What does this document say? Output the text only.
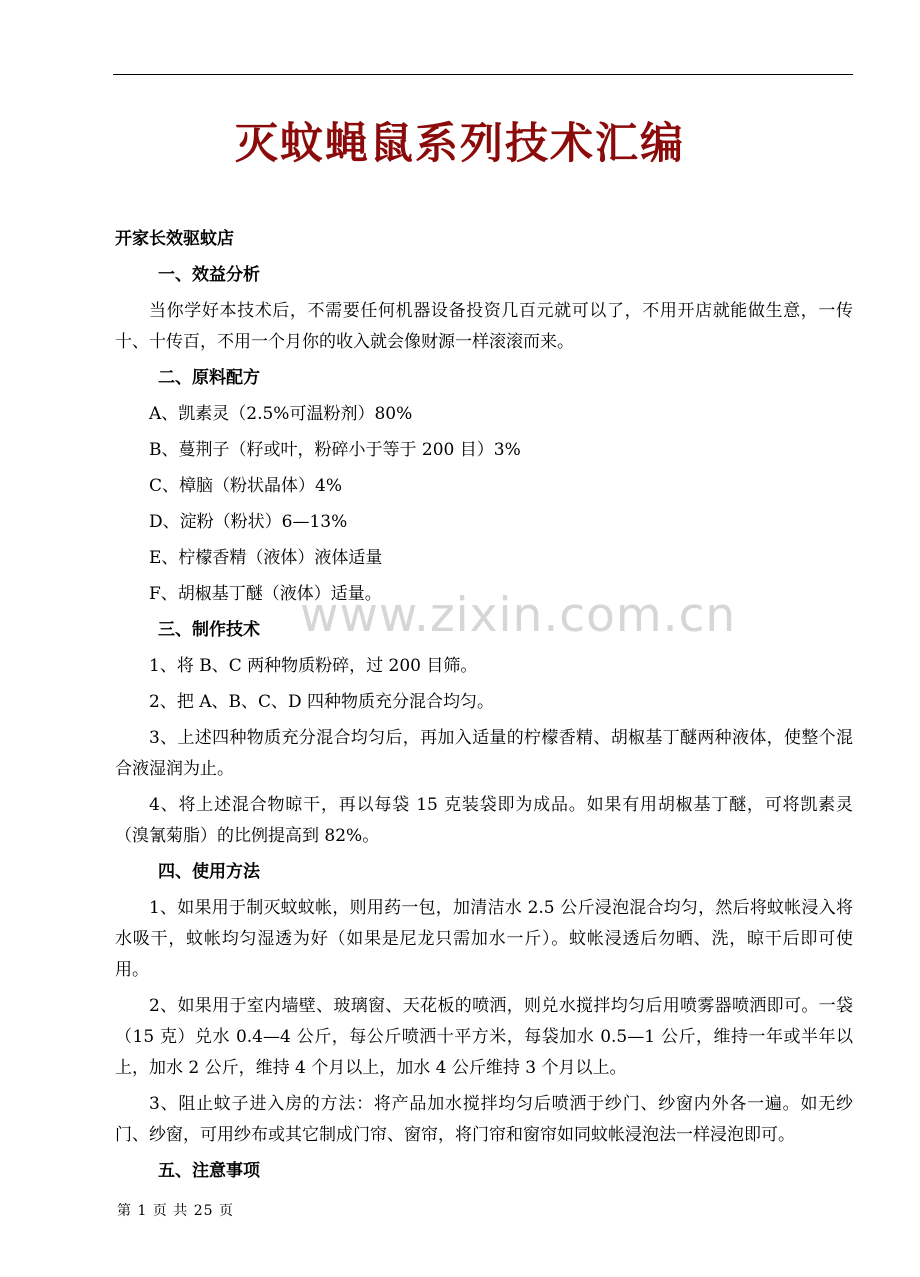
灭蚊蝇鼠系列技术汇编
www.zixin.com.cn
开家长效驱蚊店
一、效益分析

当你学好本技术后，不需要任何机器设备投资几百元就可以了，不用开店就能做生意，一传十、十传百，不用一个月你的收入就会像财源一样滚滚而来。

二、原料配方
A、凯素灵（2.5%可温粉剂）80%
B、蔓荆子（籽或叶，粉碎小于等于 200 目）3%
C、樟脑（粉状晶体）4%
D、淀粉（粉状）6—13%
E、柠檬香精（液体）液体适量
F、胡椒基丁醚（液体）适量。
三、制作技术

1、将 B、C 两种物质粉碎，过 200 目筛。

2、把 A、B、C、D 四种物质充分混合均匀。

3、上述四种物质充分混合均匀后，再加入适量的柠檬香精、胡椒基丁醚两种液体，使整个混合液湿润为止。

4、将上述混合物晾干，再以每袋 15 克装袋即为成品。如果有用胡椒基丁醚，可将凯素灵（溴氰菊脂）的比例提高到 82%。

四、使用方法

1、如果用于制灭蚊蚊帐，则用药一包，加清洁水 2.5 公斤浸泡混合均匀，然后将蚊帐浸入将水吸干，蚊帐均匀湿透为好（如果是尼龙只需加水一斤）。蚊帐浸透后勿晒、洗，晾干后即可使用。

2、如果用于室内墙壁、玻璃窗、天花板的喷洒，则兑水搅拌均匀后用喷雾器喷洒即可。一袋（15 克）兑水 0.4—4 公斤，每公斤喷洒十平方米，每袋加水 0.5—1 公斤，维持一年或半年以上，加水 2 公斤，维持 4 个月以上，加水 4 公斤维持 3 个月以上。

3、阻止蚊子进入房的方法：将产品加水搅拌均匀后喷洒于纱门、纱窗内外各一遍。如无纱门、纱窗，可用纱布或其它制成门帘、窗帘，将门帘和窗帘如同蚊帐浸泡法一样浸泡即可。

五、注意事项
第 1 页 共 25 页
